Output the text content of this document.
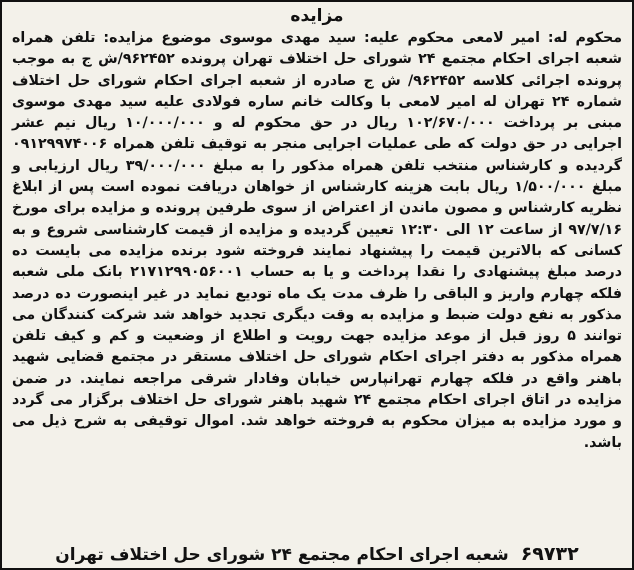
مزایده
محکوم له: امیر لامعی محکوم علیه: سید مهدی موسوی موضوع مزایده: تلفن همراه شعبه اجرای احکام مجتمع ۲۴ شورای حل اختلاف تهران پرونده ۹۶۲۴۵۲/ش ج به موجب پرونده اجرائی کلاسه ۹۶۲۴۵۲/ ش ج صادره از شعبه اجرای احکام شورای حل اختلاف شماره ۲۴ تهران له امیر لامعی با وکالت خانم ساره فولادی علیه سید مهدی موسوی مبنی بر پرداخت ۱۰۲/۶۷۰/۰۰۰ ریال در حق محکوم له و ۱۰/۰۰۰/۰۰۰ ریال نیم عشر اجرایی در حق دولت که طی عملیات اجرایی منجر به توقیف تلفن همراه ۰۹۱۲۹۹۷۴۰۰۶ گردیده و کارشناس منتخب تلفن همراه مذکور را به مبلغ ۳۹/۰۰۰/۰۰۰ ریال ارزیابی و مبلغ ۱/۵۰۰/۰۰۰ ریال بابت هزینه کارشناس از خواهان دریافت نموده است پس از ابلاغ نظریه کارشناس و مصون ماندن از اعتراض از سوی طرفین پرونده و مزایده برای مورخ ۹۷/۷/۱۶ از ساعت ۱۲ الی ۱۲:۳۰ تعیین گردیده و مزایده از قیمت کارشناسی شروع و به کسانی که بالاترین قیمت را پیشنهاد نمایند فروخته شود برنده مزایده می بایست ده درصد مبلغ پیشنهادی را نقدا پرداخت و یا به حساب ۲۱۷۱۲۹۹۰۵۶۰۰۱ بانک ملی شعبه فلکه چهارم واریز و الباقی را ظرف مدت یک ماه تودیع نماید در غیر اینصورت ده درصد مذکور به نفع دولت ضبط و مزایده به وقت دیگری تجدید خواهد شد شرکت کنندگان می توانند ۵ روز قبل از موعد مزایده جهت رویت و اطلاع از وضعیت و کم و کیف تلفن همراه مذکور به دفتر اجرای احکام شورای حل اختلاف مستقر در مجتمع قضایی شهید باهنر واقع در فلکه چهارم تهرانپارس خیابان وفادار شرقی مراجعه نمایند. در ضمن مزایده در اتاق اجرای احکام مجتمع ۲۴ شهید باهنر شورای حل اختلاف برگزار می گردد و مورد مزایده به میزان محکوم به فروخته خواهد شد. اموال توقیفی به شرح ذیل می باشد.
۶۹۷۳۲ شعبه اجرای احکام مجتمع ۲۴ شورای حل اختلاف تهران
